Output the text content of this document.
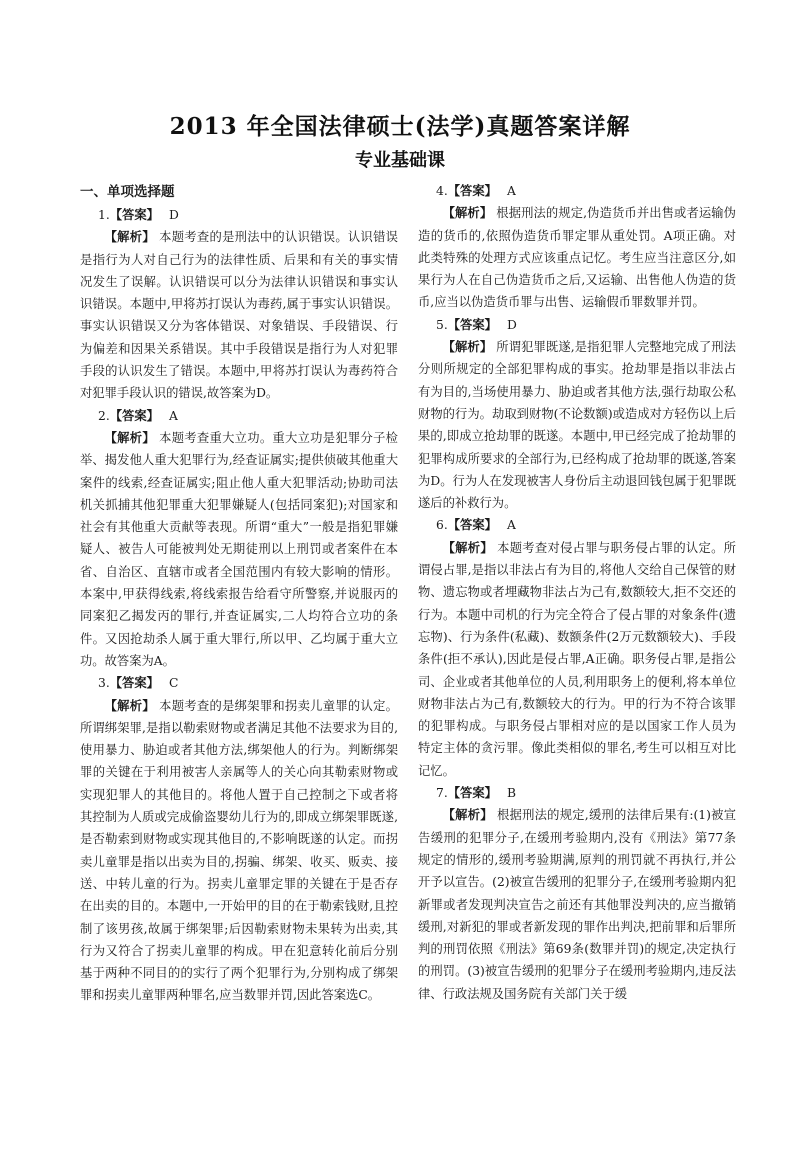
2013 年全国法律硕士(法学)真题答案详解
专业基础课
一、单项选择题
1.【答案】 D
【解析】 本题考查的是刑法中的认识错误。认识错误是指行为人对自己行为的法律性质、后果和有关的事实情况发生了误解。认识错误可以分为法律认识错误和事实认识错误。本题中,甲将苏打误认为毒药,属于事实认识错误。事实认识错误又分为客体错误、对象错误、手段错误、行为偏差和因果关系错误。其中手段错误是指行为人对犯罪手段的认识发生了错误。本题中,甲将苏打误认为毒药符合对犯罪手段认识的错误,故答案为D。
2.【答案】 A
【解析】 本题考查重大立功。重大立功是犯罪分子检举、揭发他人重大犯罪行为,经查证属实;提供侦破其他重大案件的线索,经查证属实;阻止他人重大犯罪活动;协助司法机关抓捕其他犯罪重大犯罪嫌疑人(包括同案犯);对国家和社会有其他重大贡献等表现。所谓“重大”一般是指犯罪嫌疑人、被告人可能被判处无期徒刑以上刑罚或者案件在本省、自治区、直辖市或者全国范围内有较大影响的情形。本案中,甲获得线索,将线索报告给看守所警察,并说服丙的同案犯乙揭发丙的罪行,并查证属实,二人均符合立功的条件。又因抢劫杀人属于重大罪行,所以甲、乙均属于重大立功。故答案为A。
3.【答案】 C
【解析】 本题考查的是绑架罪和拐卖儿童罪的认定。所谓绑架罪,是指以勒索财物或者满足其他不法要求为目的,使用暴力、胁迫或者其他方法,绑架他人的行为。判断绑架罪的关键在于利用被害人亲属等人的关心向其勒索财物或实现犯罪人的其他目的。将他人置于自己控制之下或者将其控制为人质或完成偷盗婴幼儿行为的,即成立绑架罪既遂,是否勒索到财物或实现其他目的,不影响既遂的认定。而拐卖儿童罪是指以出卖为目的,拐骗、绑架、收买、贩卖、接送、中转儿童的行为。拐卖儿童罪定罪的关键在于是否存在出卖的目的。本题中,一开始甲的目的在于勒索钱财,且控制了该男孩,故属于绑架罪;后因勒索财物未果转为出卖,其行为又符合了拐卖儿童罪的构成。甲在犯意转化前后分别基于两种不同目的的实行了两个犯罪行为,分别构成了绑架罪和拐卖儿童罪两种罪名,应当数罪并罚,因此答案选C。
4.【答案】 A
【解析】 根据刑法的规定,伪造货币并出售或者运输伪造的货币的,依照伪造货币罪定罪从重处罚。A项正确。对此类特殊的处理方式应该重点记忆。考生应当注意区分,如果行为人在自己伪造货币之后,又运输、出售他人伪造的货币,应当以伪造货币罪与出售、运输假币罪数罪并罚。
5.【答案】 D
【解析】 所谓犯罪既遂,是指犯罪人完整地完成了刑法分则所规定的全部犯罪构成的事实。抢劫罪是指以非法占有为目的,当场使用暴力、胁迫或者其他方法,强行劫取公私财物的行为。劫取到财物(不论数额)或造成对方轻伤以上后果的,即成立抢劫罪的既遂。本题中,甲已经完成了抢劫罪的犯罪构成所要求的全部行为,已经构成了抢劫罪的既遂,答案为D。行为人在发现被害人身份后主动退回钱包属于犯罪既遂后的补救行为。
6.【答案】 A
【解析】 本题考查对侵占罪与职务侵占罪的认定。所谓侵占罪,是指以非法占有为目的,将他人交给自己保管的财物、遗忘物或者埋藏物非法占为己有,数额较大,拒不交还的行为。本题中司机的行为完全符合了侵占罪的对象条件(遗忘物)、行为条件(私藏)、数额条件(2万元数额较大)、手段条件(拒不承认),因此是侵占罪,A正确。职务侵占罪,是指公司、企业或者其他单位的人员,利用职务上的便利,将本单位财物非法占为己有,数额较大的行为。甲的行为不符合该罪的犯罪构成。与职务侵占罪相对应的是以国家工作人员为特定主体的贪污罪。像此类相似的罪名,考生可以相互对比记忆。
7.【答案】 B
【解析】 根据刑法的规定,缓刑的法律后果有:(1)被宣告缓刑的犯罪分子,在缓刑考验期内,没有《刑法》第77条规定的情形的,缓刑考验期满,原判的刑罚就不再执行,并公开予以宣告。(2)被宣告缓刑的犯罪分子,在缓刑考验期内犯新罪或者发现判决宣告之前还有其他罪没判决的,应当撤销缓刑,对新犯的罪或者新发现的罪作出判决,把前罪和后罪所判的刑罚依照《刑法》第69条(数罪并罚)的规定,决定执行的刑罚。(3)被宣告缓刑的犯罪分子在缓刑考验期内,违反法律、行政法规及国务院有关部门关于缓
